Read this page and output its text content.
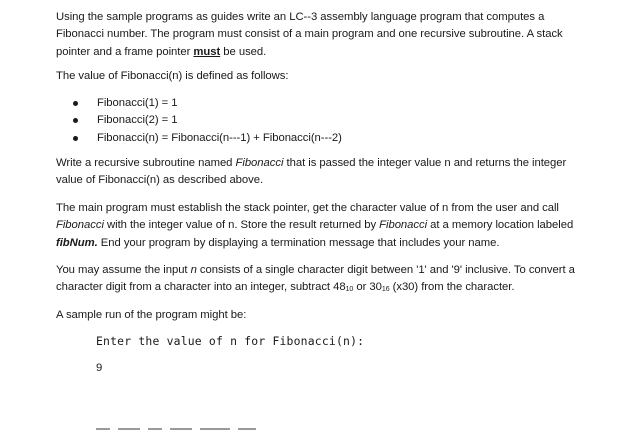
Using the sample programs as guides write an LC--3 assembly language program that computes a Fibonacci number. The program must consist of a main program and one recursive subroutine. A stack pointer and a frame pointer must be used.

The value of Fibonacci(n) is defined as follows:

Fibonacci(1) = 1
Fibonacci(2) = 1
Fibonacci(n) = Fibonacci(n---1) + Fibonacci(n---2)

Write a recursive subroutine named Fibonacci that is passed the integer value n and returns the integer value of Fibonacci(n) as described above.

The main program must establish the stack pointer, get the character value of n from the user and call Fibonacci with the integer value of n. Store the result returned by Fibonacci at a memory location labeled fibNum. End your program by displaying a termination message that includes your name.

You may assume the input n consists of a single character digit between '1' and '9' inclusive. To convert a character digit from a character into an integer, subtract $48_{10}$ or $30_{16}$ (x30) from the character.

A sample run of the program might be:

Enter the value of n for Fibonacci(n):

9
